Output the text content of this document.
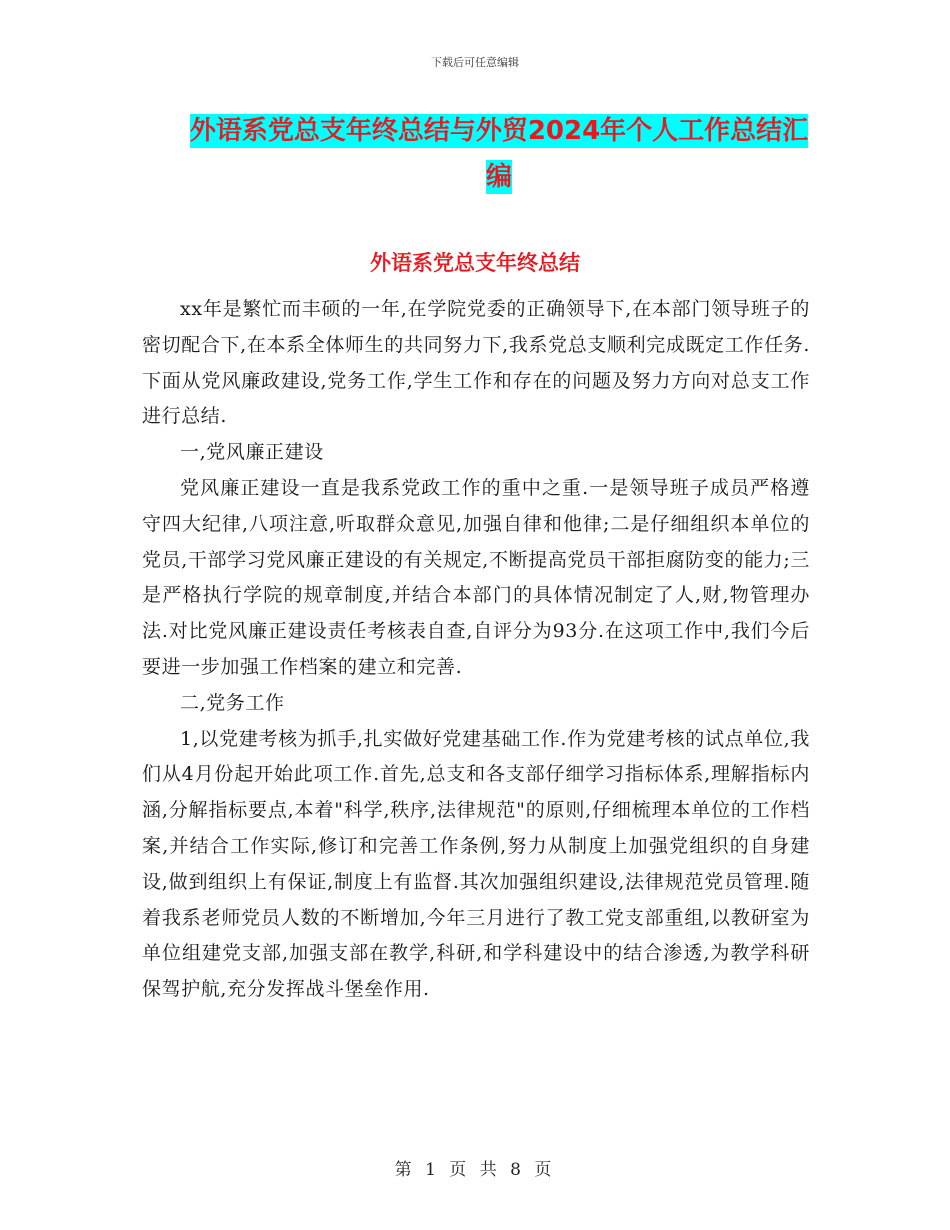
下载后可任意编辑
外语系党总支年终总结与外贸2024年个人工作总结汇编
外语系党总支年终总结

xx年是繁忙而丰硕的一年,在学院党委的正确领导下,在本部门领导班子的密切配合下,在本系全体师生的共同努力下,我系党总支顺利完成既定工作任务.下面从党风廉政建设,党务工作,学生工作和存在的问题及努力方向对总支工作进行总结.

一,党风廉正建设

党风廉正建设一直是我系党政工作的重中之重.一是领导班子成员严格遵守四大纪律,八项注意,听取群众意见,加强自律和他律;二是仔细组织本单位的党员,干部学习党风廉正建设的有关规定,不断提高党员干部拒腐防变的能力;三是严格执行学院的规章制度,并结合本部门的具体情况制定了人,财,物管理办法.对比党风廉正建设责任考核表自查,自评分为93分.在这项工作中,我们今后要进一步加强工作档案的建立和完善.

二,党务工作

1,以党建考核为抓手,扎实做好党建基础工作.作为党建考核的试点单位,我们从4月份起开始此项工作.首先,总支和各支部仔细学习指标体系,理解指标内涵,分解指标要点,本着"科学,秩序,法律规范"的原则,仔细梳理本单位的工作档案,并结合工作实际,修订和完善工作条例,努力从制度上加强党组织的自身建设,做到组织上有保证,制度上有监督.其次加强组织建设,法律规范党员管理.随着我系老师党员人数的不断增加,今年三月进行了教工党支部重组,以教研室为单位组建党支部,加强支部在教学,科研,和学科建设中的结合渗透,为教学科研保驾护航,充分发挥战斗堡垒作用.

第 1 页 共 8 页
